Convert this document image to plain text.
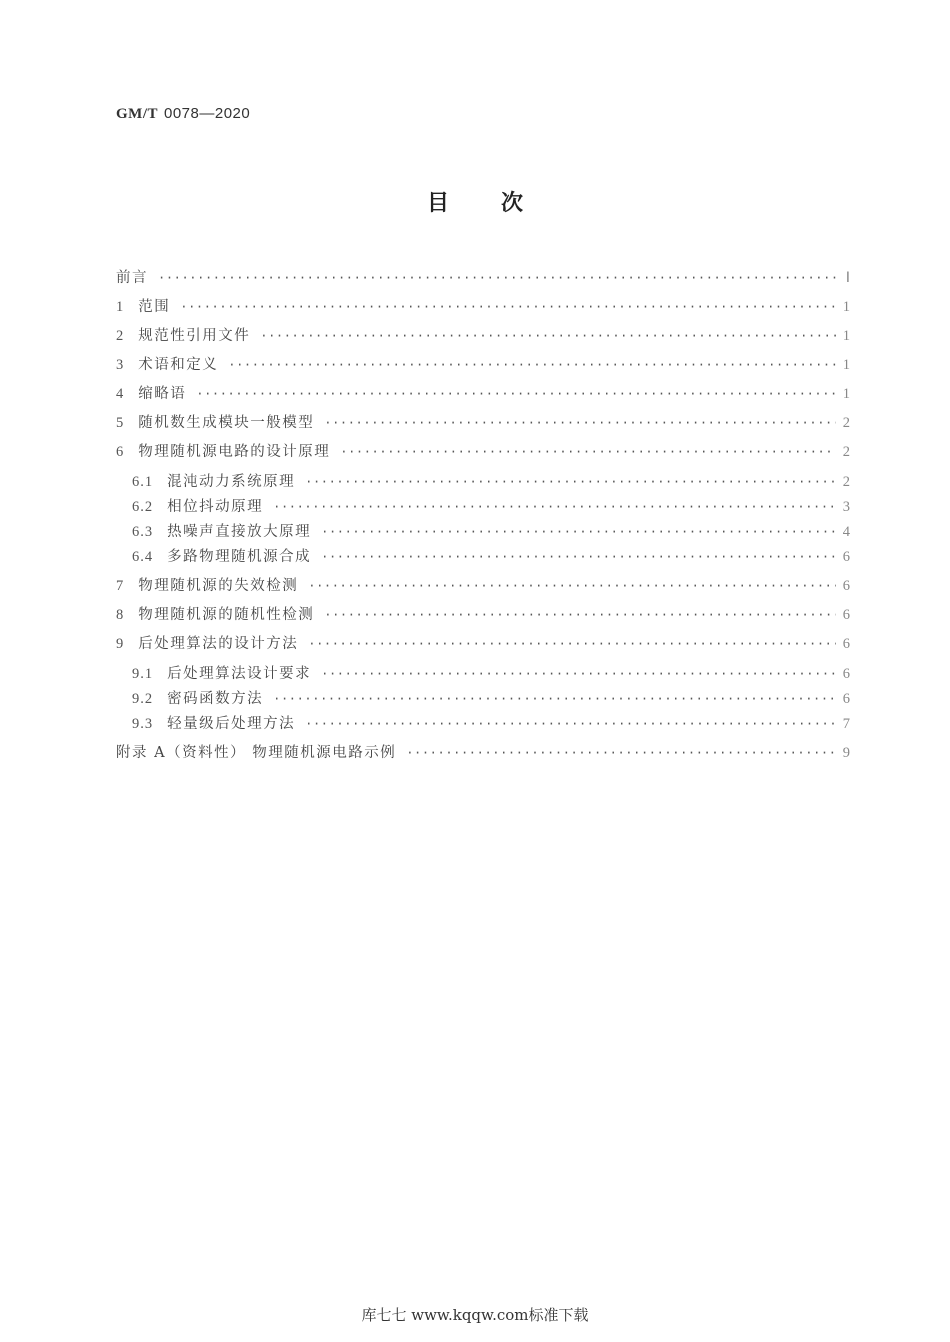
GM/T 0078—2020
目 次
前言 ·····	Ⅰ
1 范围 ·····	1
2 规范性引用文件 ·····	1
3 术语和定义 ·····	1
4 缩略语 ·····	1
5 随机数生成模块一般模型 ·····	2
6 物理随机源电路的设计原理 ·····	2
6.1 混沌动力系统原理 ·····	2
6.2 相位抖动原理 ·····	3
6.3 热噪声直接放大原理 ·····	4
6.4 多路物理随机源合成 ·····	6
7 物理随机源的失效检测 ·····	6
8 物理随机源的随机性检测 ·····	6
9 后处理算法的设计方法 ·····	6
9.1 后处理算法设计要求 ·····	6
9.2 密码函数方法 ·····	6
9.3 轻量级后处理方法 ·····	7
附录 A（资料性） 物理随机源电路示例 ·····	9
库七七 www.kqqw.com标准下载
